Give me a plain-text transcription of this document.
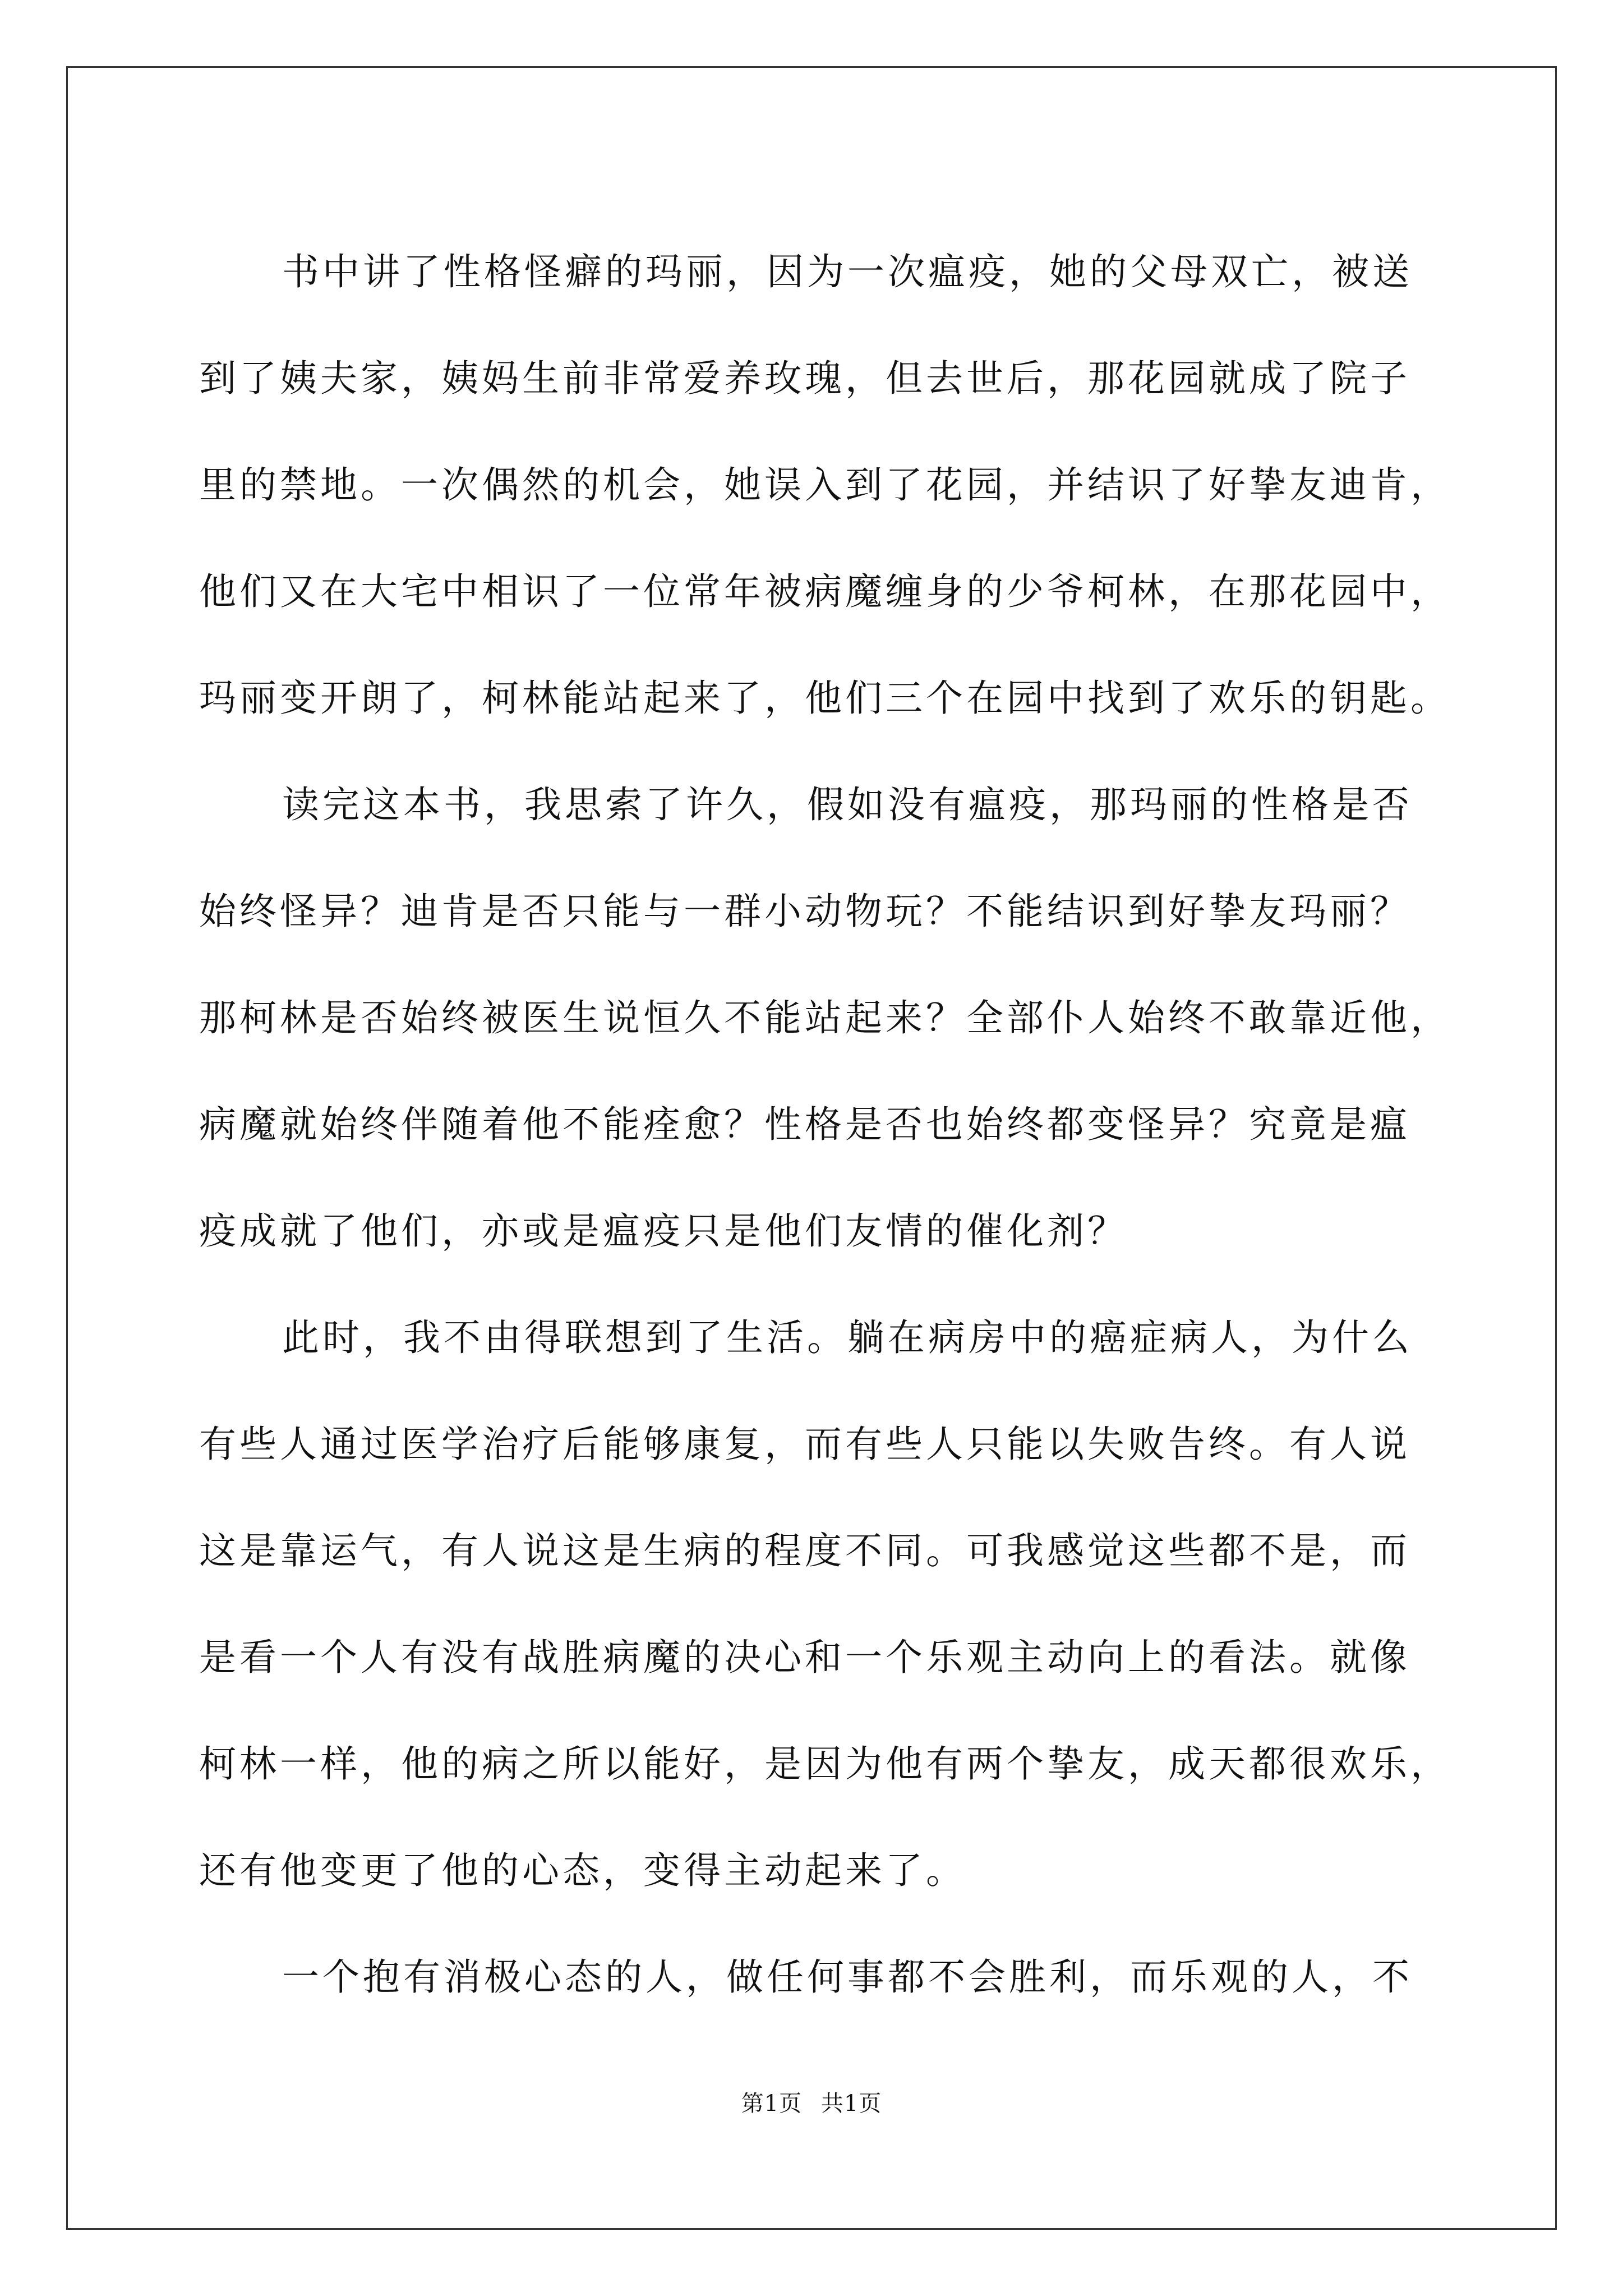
书中讲了性格怪癖的玛丽，因为一次瘟疫，她的父母双亡，被送
到了姨夫家，姨妈生前非常爱养玫瑰，但去世后，那花园就成了院子
里的禁地。一次偶然的机会，她误入到了花园，并结识了好挚友迪肯，
他们又在大宅中相识了一位常年被病魔缠身的少爷柯林，在那花园中，
玛丽变开朗了，柯林能站起来了，他们三个在园中找到了欢乐的钥匙。
读完这本书，我思索了许久，假如没有瘟疫，那玛丽的性格是否
始终怪异？迪肯是否只能与一群小动物玩？不能结识到好挚友玛丽？
那柯林是否始终被医生说恒久不能站起来？全部仆人始终不敢靠近他，
病魔就始终伴随着他不能痊愈？性格是否也始终都变怪异？究竟是瘟
疫成就了他们，亦或是瘟疫只是他们友情的催化剂？
此时，我不由得联想到了生活。躺在病房中的癌症病人，为什么
有些人通过医学治疗后能够康复，而有些人只能以失败告终。有人说
这是靠运气，有人说这是生病的程度不同。可我感觉这些都不是，而
是看一个人有没有战胜病魔的决心和一个乐观主动向上的看法。就像
柯林一样，他的病之所以能好，是因为他有两个挚友，成天都很欢乐，
还有他变更了他的心态，变得主动起来了。
一个抱有消极心态的人，做任何事都不会胜利，而乐观的人，不

第1页 共1页
